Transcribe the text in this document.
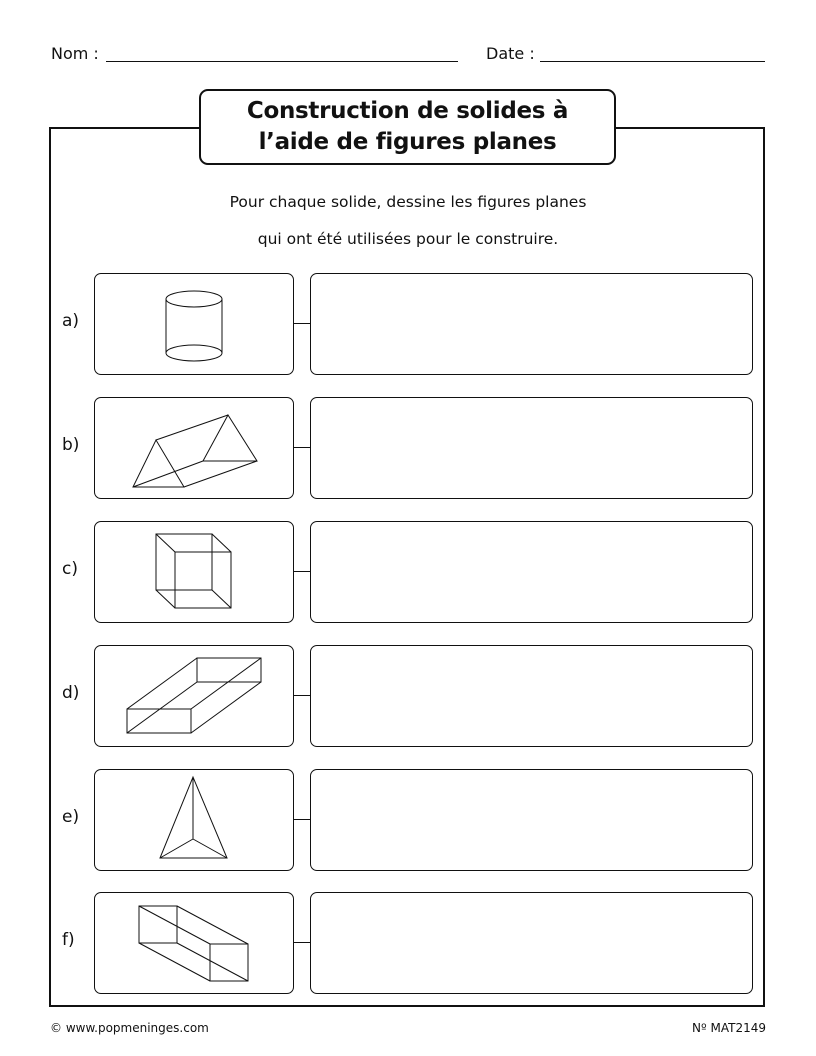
Nom :	Date :
Construction de solides à
l’aide de figures planes
Pour chaque solide, dessine les figures planes
qui ont été utilisées pour le construire.
a)
b)
c)
d)
e)
f)
© www.popmeninges.com	Nº MAT2149
